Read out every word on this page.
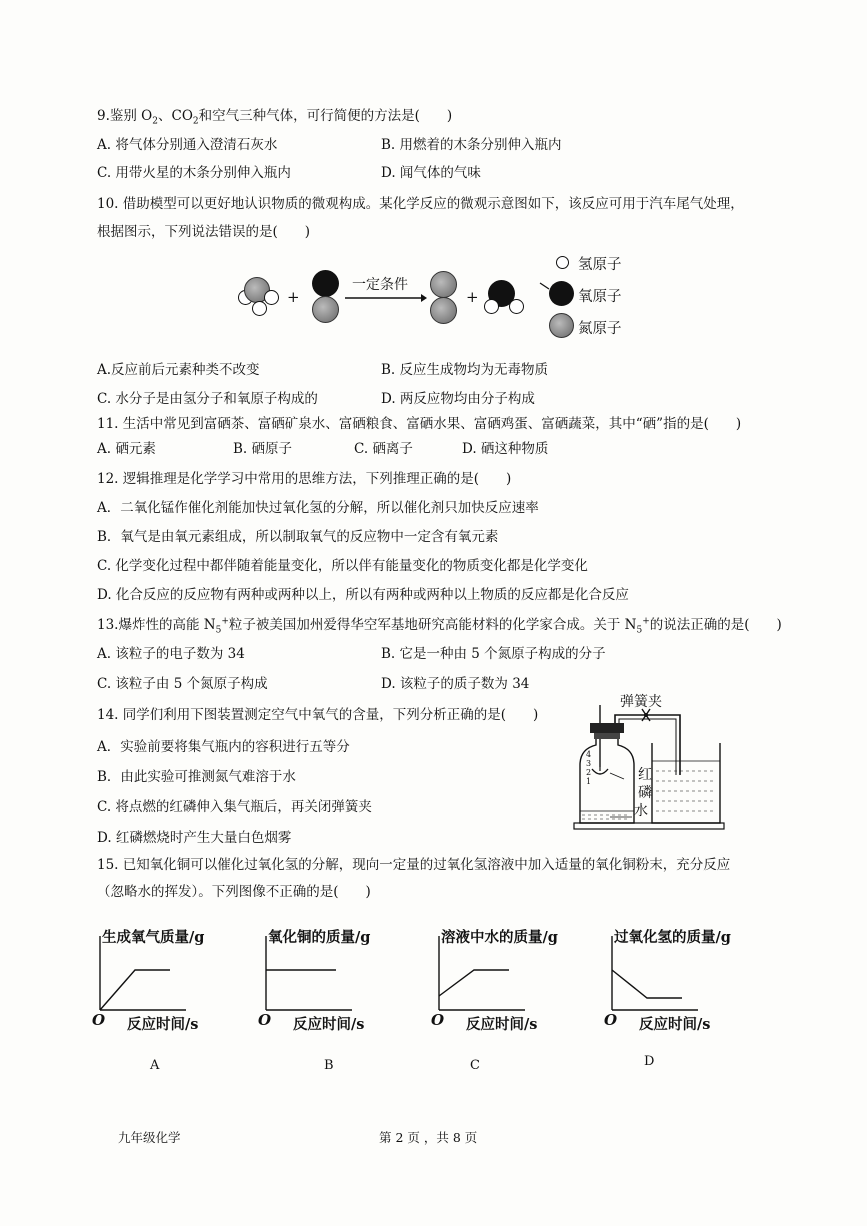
9.鉴别 $O_2$、$CO_2$和空气三种气体，可行简便的方法是(　　)
A. 将气体分别通入澄清石灰水	B. 用燃着的木条分别伸入瓶内
C. 用带火星的木条分别伸入瓶内	D. 闻气体的气味
10. 借助模型可以更好地认识物质的微观构成。某化学反应的微观示意图如下，该反应可用于汽车尾气处理，
根据图示，下列说法错误的是(　　)
+
一定条件
+
氢原子
氧原子
氮原子
A.反应前后元素种类不改变	B. 反应生成物均为无毒物质
C. 水分子是由氢分子和氧原子构成的	D. 两反应物均由分子构成
11. 生活中常见到富硒茶、富硒矿泉水、富硒粮食、富硒水果、富硒鸡蛋、富硒蔬菜，其中“硒”指的是(　　)
A. 硒元素	B. 硒原子	C. 硒离子	D. 硒这种物质
12. 逻辑推理是化学学习中常用的思维方法，下列推理正确的是(　　)
A．二氧化锰作催化剂能加快过氧化氢的分解，所以催化剂只加快反应速率
B．氧气是由氧元素组成，所以制取氧气的反应物中一定含有氧元素
C. 化学变化过程中都伴随着能量变化，所以伴有能量变化的物质变化都是化学变化
D. 化合反应的反应物有两种或两种以上，所以有两种或两种以上物质的反应都是化合反应
13.爆炸性的高能 $N_5^+$粒子被美国加州爱得华空军基地研究高能材料的化学家合成。关于 $N_5^+$的说法正确的是(　　)
A. 该粒子的电子数为 34	B. 它是一种由 5 个氮原子构成的分子
C. 该粒子由 5 个氮原子构成	D. 该粒子的质子数为 34
14. 同学们利用下图装置测定空气中氧气的含量，下列分析正确的是(　　)
A．实验前要将集气瓶内的容积进行五等分
B．由此实验可推测氮气难溶于水
C. 将点燃的红磷伸入集气瓶后，再关闭弹簧夹
D. 红磷燃烧时产生大量白色烟雾
弹簧夹
4
3
2
1	红
磷
水
15. 已知氧化铜可以催化过氧化氢的分解，现向一定量的过氧化氢溶液中加入适量的氧化铜粉末，充分反应
（忽略水的挥发）。下列图像不正确的是(　　)
生成氧气质量/g
O 反应时间/s
A
氧化铜的质量/g
O 反应时间/s
B
溶液中水的质量/g
O 反应时间/s
C
过氧化氢的质量/g
O 反应时间/s
D
九年级化学	第 2 页 ，共 8 页
